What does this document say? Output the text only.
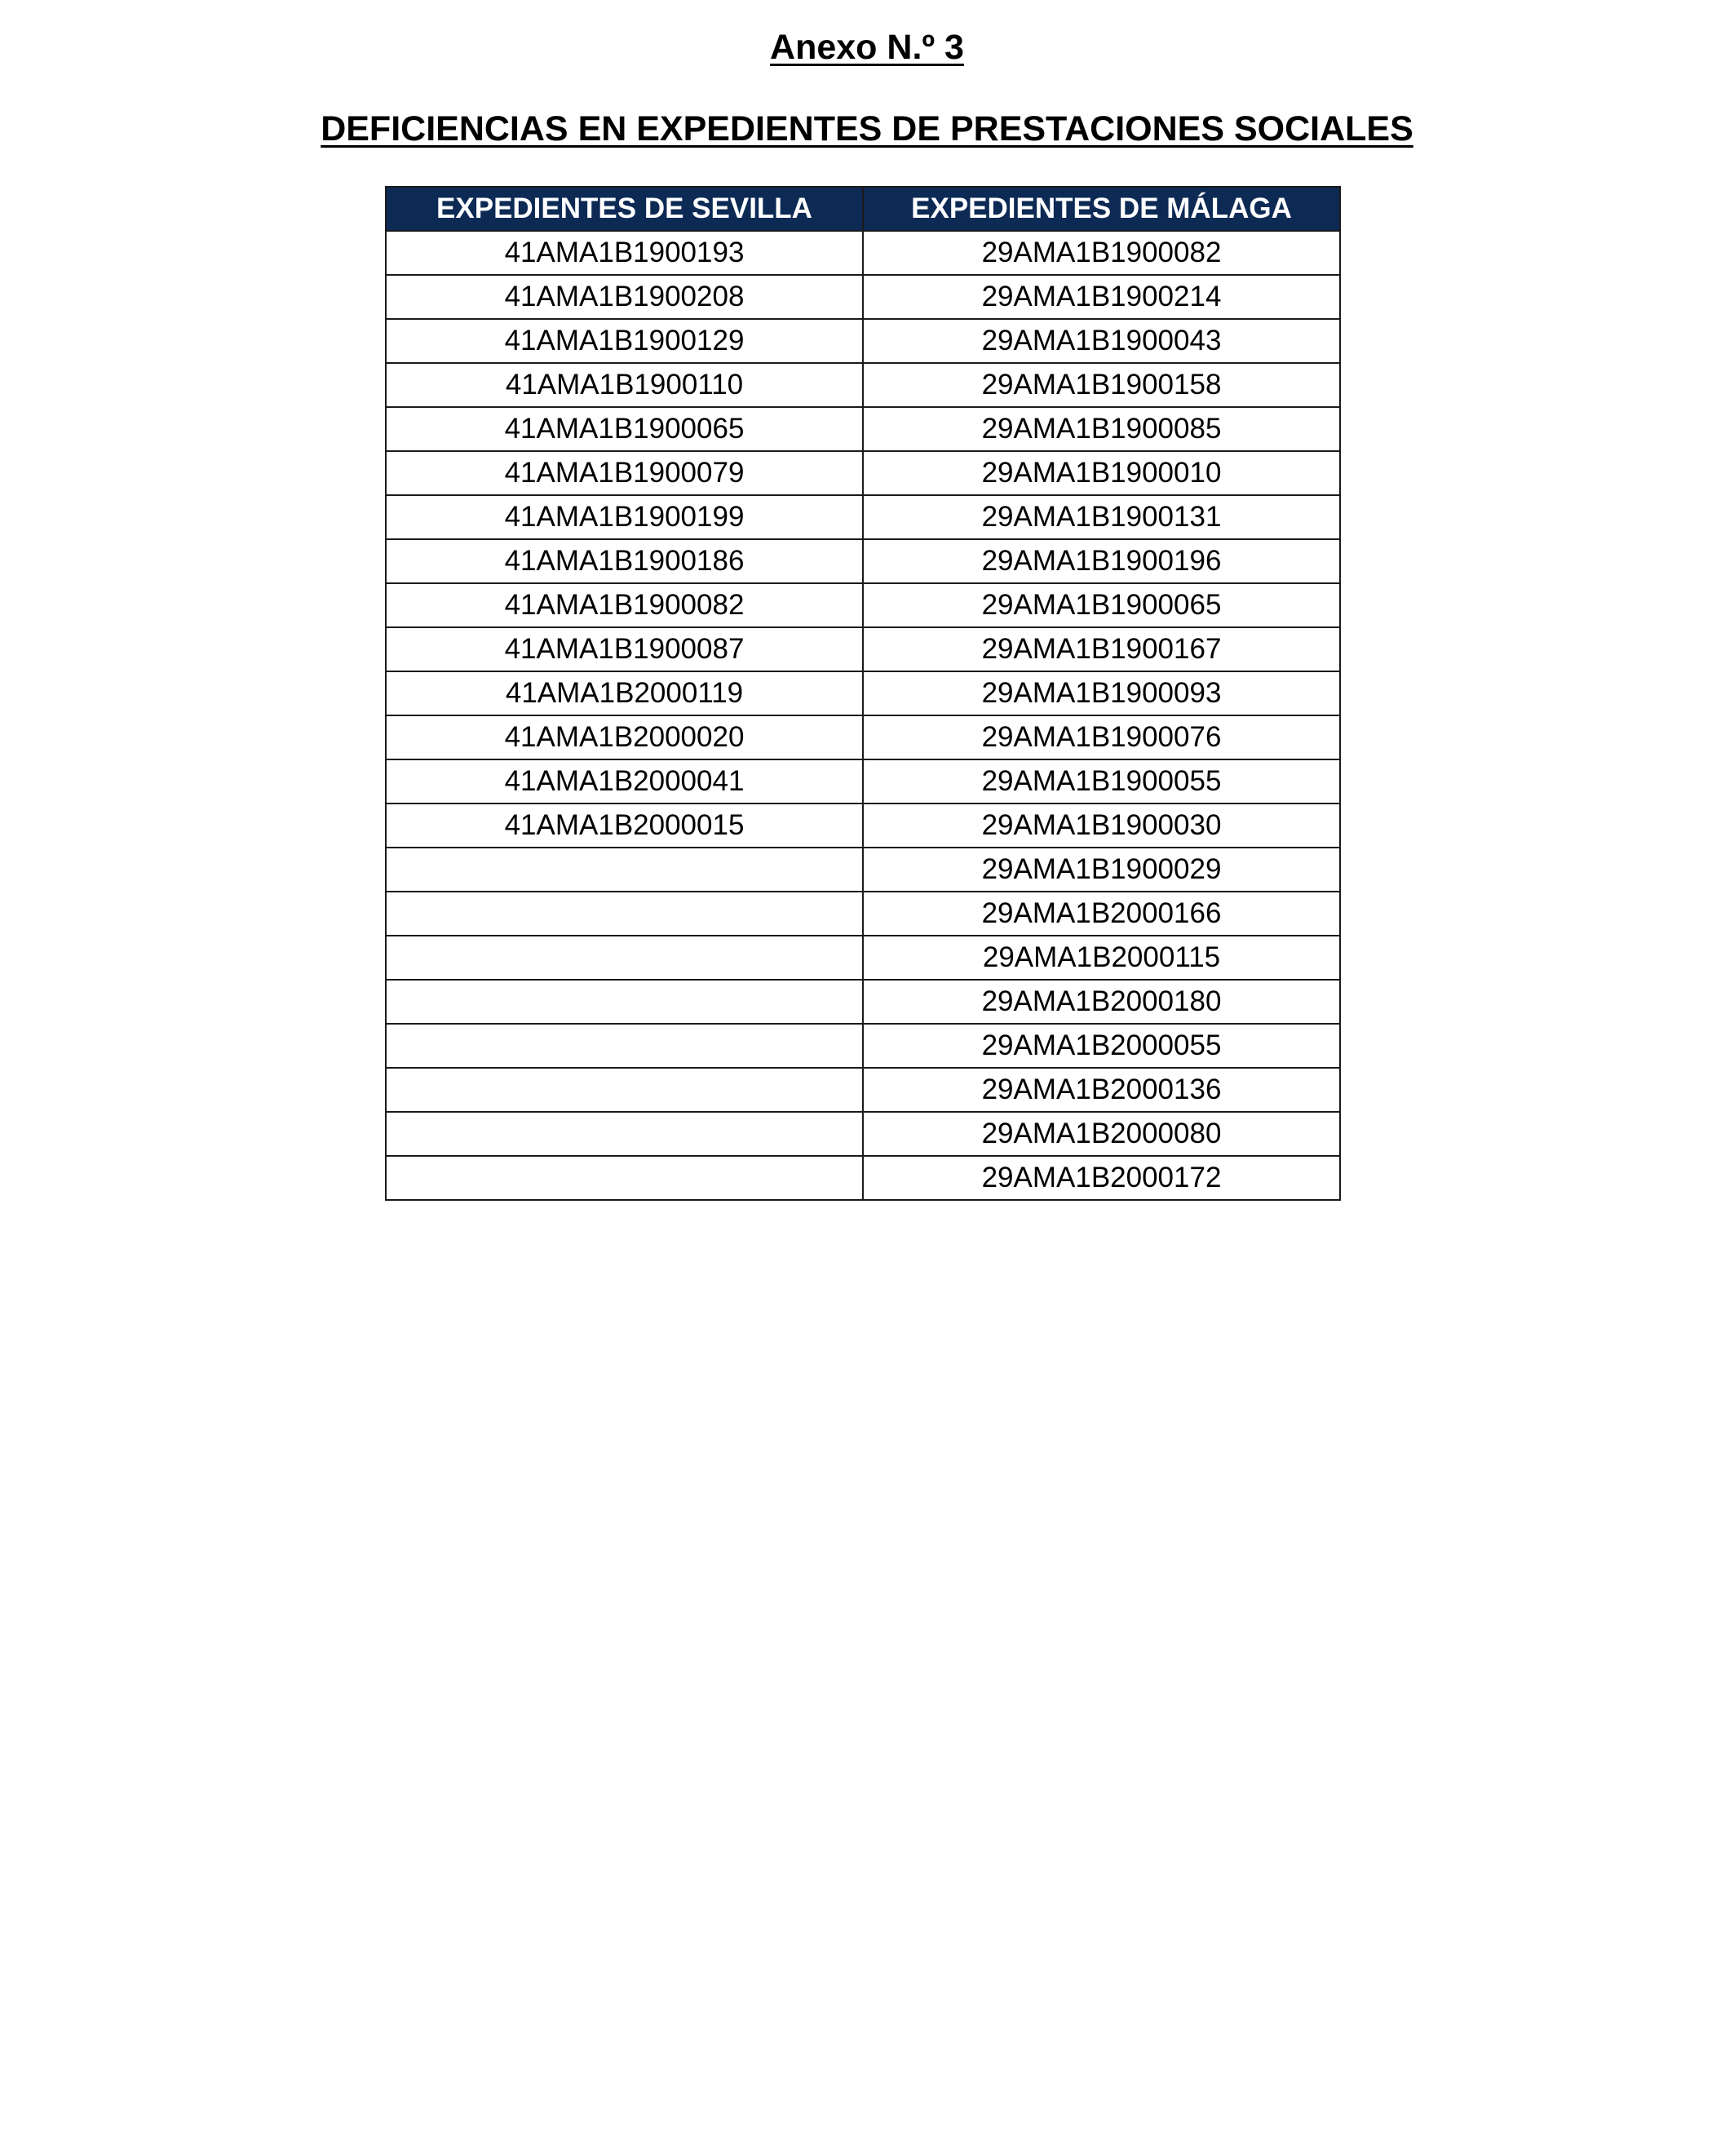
Anexo N.º 3
DEFICIENCIAS EN EXPEDIENTES DE PRESTACIONES SOCIALES
EXPEDIENTES DE SEVILLA	EXPEDIENTES DE MÁLAGA
41AMA1B1900193	29AMA1B1900082
41AMA1B1900208	29AMA1B1900214
41AMA1B1900129	29AMA1B1900043
41AMA1B1900110	29AMA1B1900158
41AMA1B1900065	29AMA1B1900085
41AMA1B1900079	29AMA1B1900010
41AMA1B1900199	29AMA1B1900131
41AMA1B1900186	29AMA1B1900196
41AMA1B1900082	29AMA1B1900065
41AMA1B1900087	29AMA1B1900167
41AMA1B2000119	29AMA1B1900093
41AMA1B2000020	29AMA1B1900076
41AMA1B2000041	29AMA1B1900055
41AMA1B2000015	29AMA1B1900030
	29AMA1B1900029
	29AMA1B2000166
	29AMA1B2000115
	29AMA1B2000180
	29AMA1B2000055
	29AMA1B2000136
	29AMA1B2000080
	29AMA1B2000172
